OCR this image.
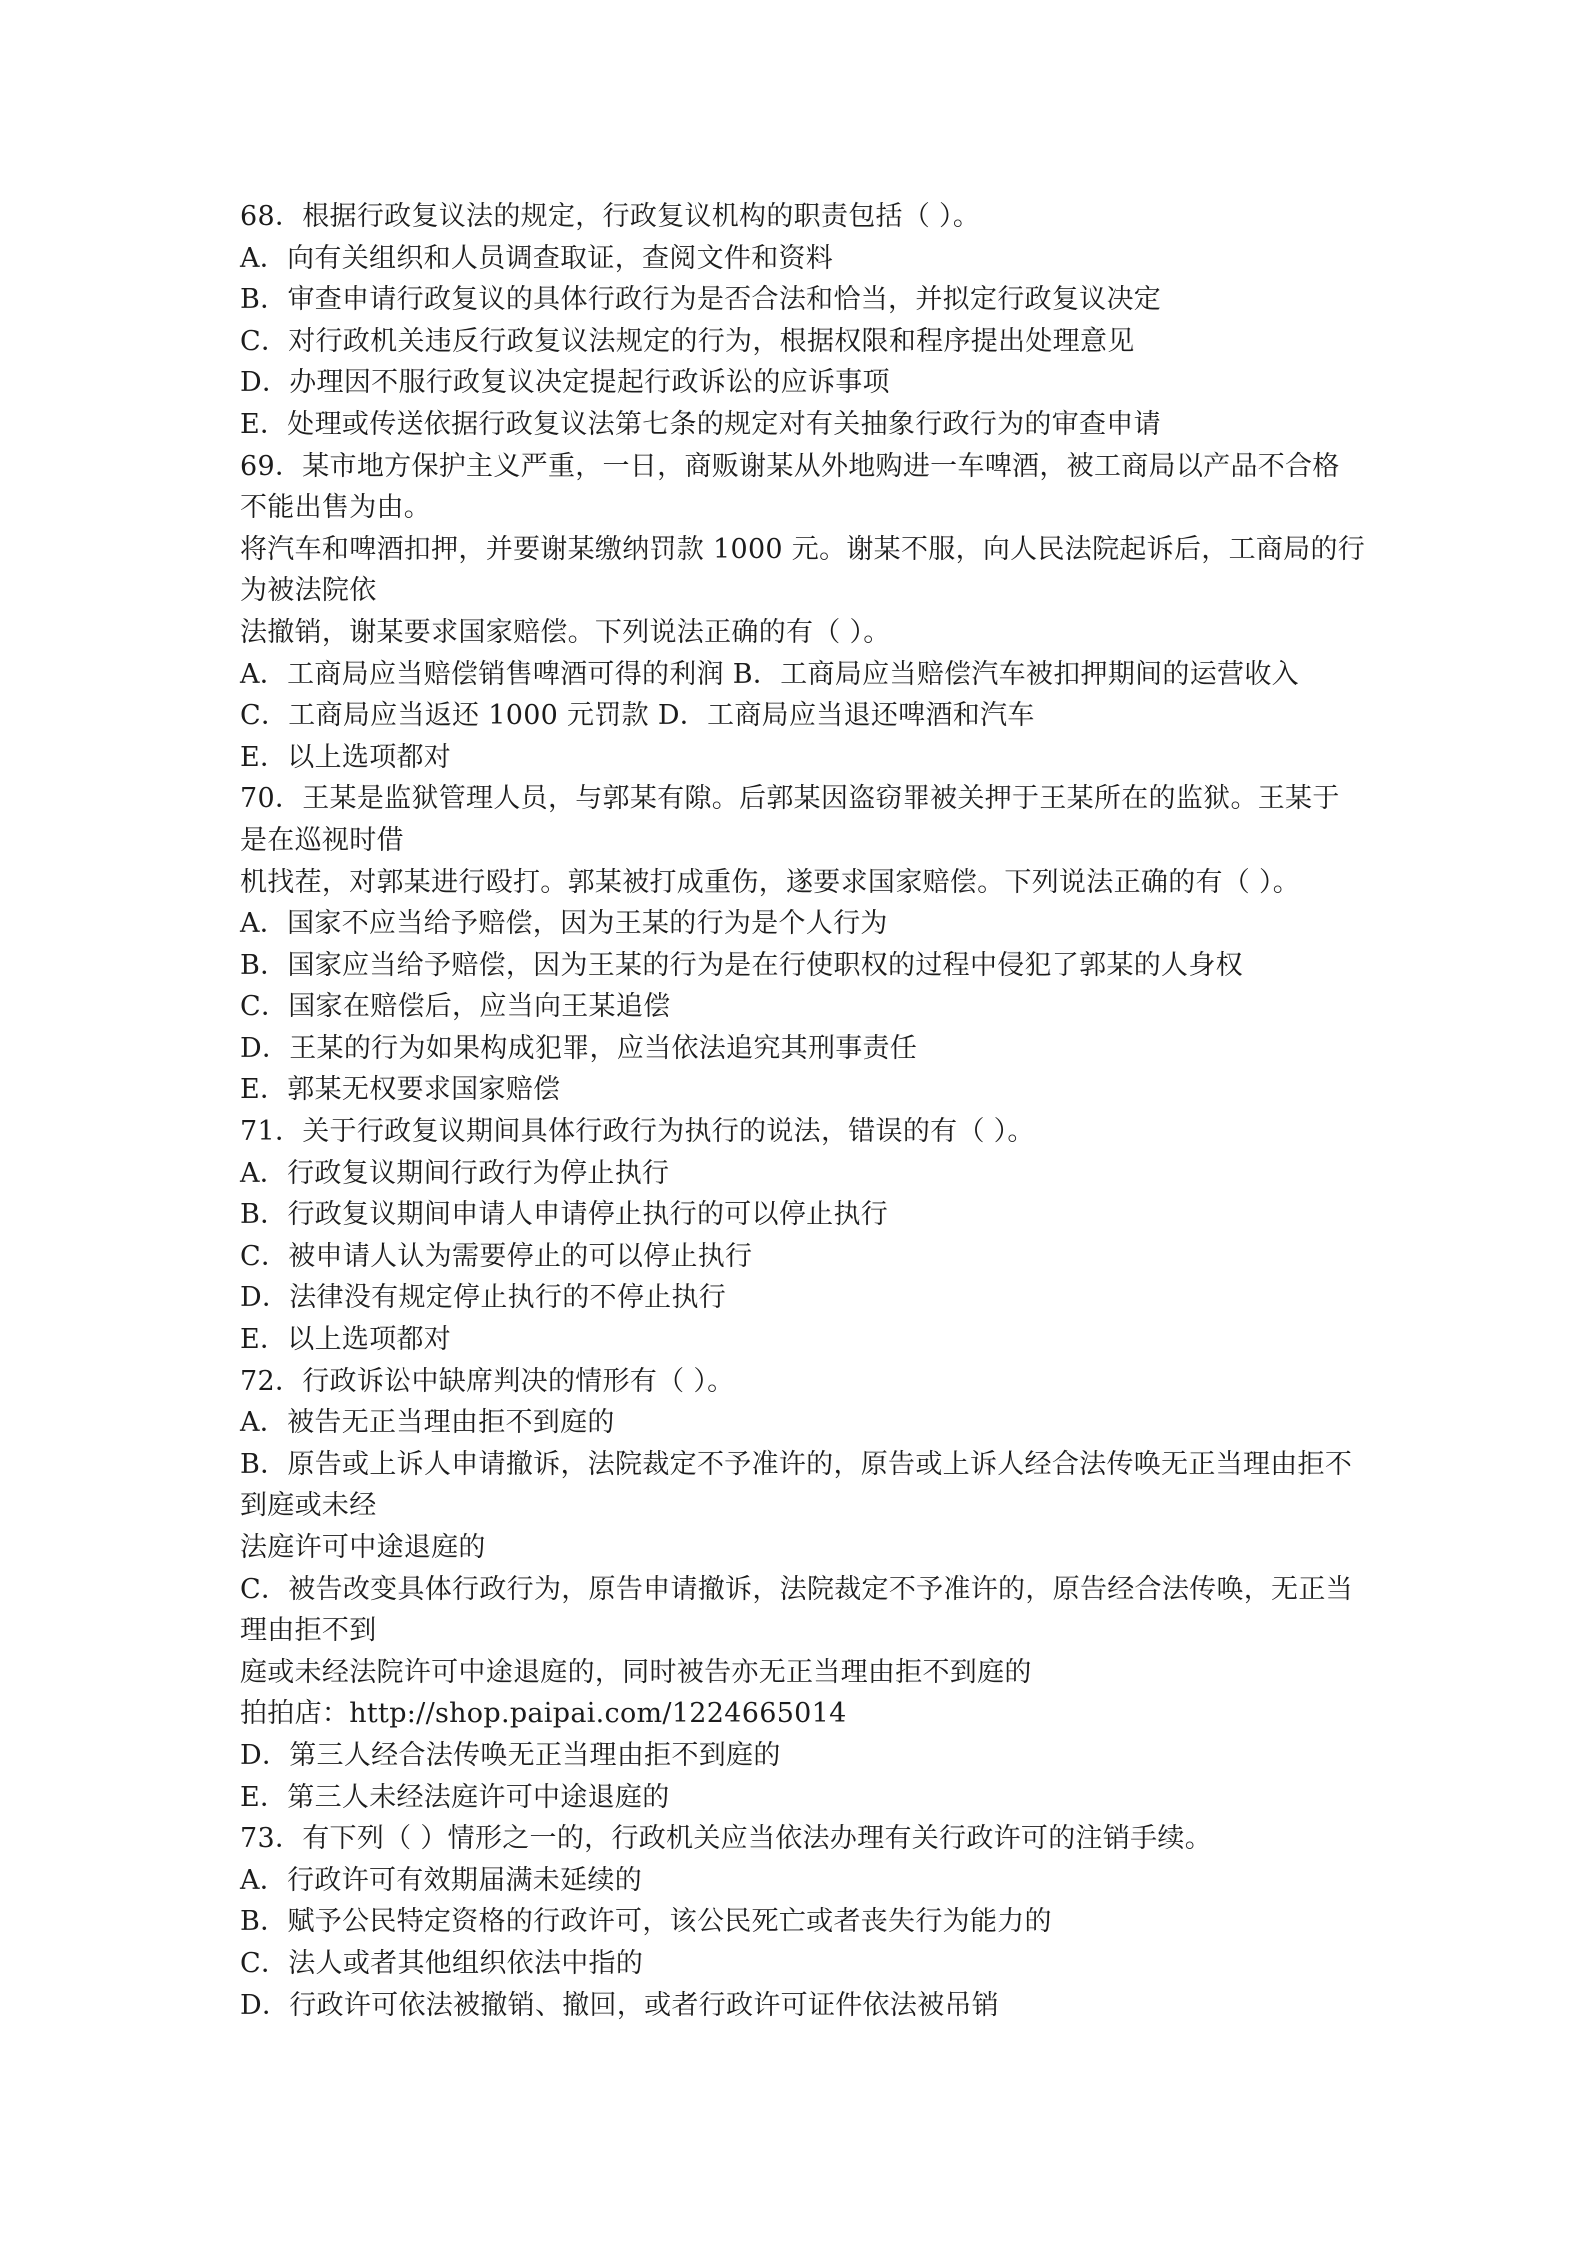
68．根据行政复议法的规定，行政复议机构的职责包括（ ）。
A．向有关组织和人员调查取证，查阅文件和资料
B．审查申请行政复议的具体行政行为是否合法和恰当，并拟定行政复议决定
C．对行政机关违反行政复议法规定的行为，根据权限和程序提出处理意见
D．办理因不服行政复议决定提起行政诉讼的应诉事项
E．处理或传送依据行政复议法第七条的规定对有关抽象行政行为的审查申请
69．某市地方保护主义严重，一日，商贩谢某从外地购进一车啤酒，被工商局以产品不合格
不能出售为由。
将汽车和啤酒扣押，并要谢某缴纳罚款 1000 元。谢某不服，向人民法院起诉后，工商局的行
为被法院依
法撤销，谢某要求国家赔偿。下列说法正确的有（ ）。
A．工商局应当赔偿销售啤酒可得的利润 B．工商局应当赔偿汽车被扣押期间的运营收入
C．工商局应当返还 1000 元罚款 D．工商局应当退还啤酒和汽车
E．以上选项都对
70．王某是监狱管理人员，与郭某有隙。后郭某因盗窃罪被关押于王某所在的监狱。王某于
是在巡视时借
机找茬，对郭某进行殴打。郭某被打成重伤，遂要求国家赔偿。下列说法正确的有（ ）。
A．国家不应当给予赔偿，因为王某的行为是个人行为
B．国家应当给予赔偿，因为王某的行为是在行使职权的过程中侵犯了郭某的人身权
C．国家在赔偿后，应当向王某追偿
D．王某的行为如果构成犯罪，应当依法追究其刑事责任
E．郭某无权要求国家赔偿
71．关于行政复议期间具体行政行为执行的说法，错误的有（ ）。
A．行政复议期间行政行为停止执行
B．行政复议期间申请人申请停止执行的可以停止执行
C．被申请人认为需要停止的可以停止执行
D．法律没有规定停止执行的不停止执行
E．以上选项都对
72．行政诉讼中缺席判决的情形有（ ）。
A．被告无正当理由拒不到庭的
B．原告或上诉人申请撤诉，法院裁定不予准许的，原告或上诉人经合法传唤无正当理由拒不
到庭或未经
法庭许可中途退庭的
C．被告改变具体行政行为，原告申请撤诉，法院裁定不予准许的，原告经合法传唤，无正当
理由拒不到
庭或未经法院许可中途退庭的，同时被告亦无正当理由拒不到庭的
拍拍店：http://shop.paipai.com/1224665014
D．第三人经合法传唤无正当理由拒不到庭的
E．第三人未经法庭许可中途退庭的
73．有下列（ ）情形之一的，行政机关应当依法办理有关行政许可的注销手续。
A．行政许可有效期届满未延续的
B．赋予公民特定资格的行政许可，该公民死亡或者丧失行为能力的
C．法人或者其他组织依法中指的
D．行政许可依法被撤销、撤回，或者行政许可证件依法被吊销
